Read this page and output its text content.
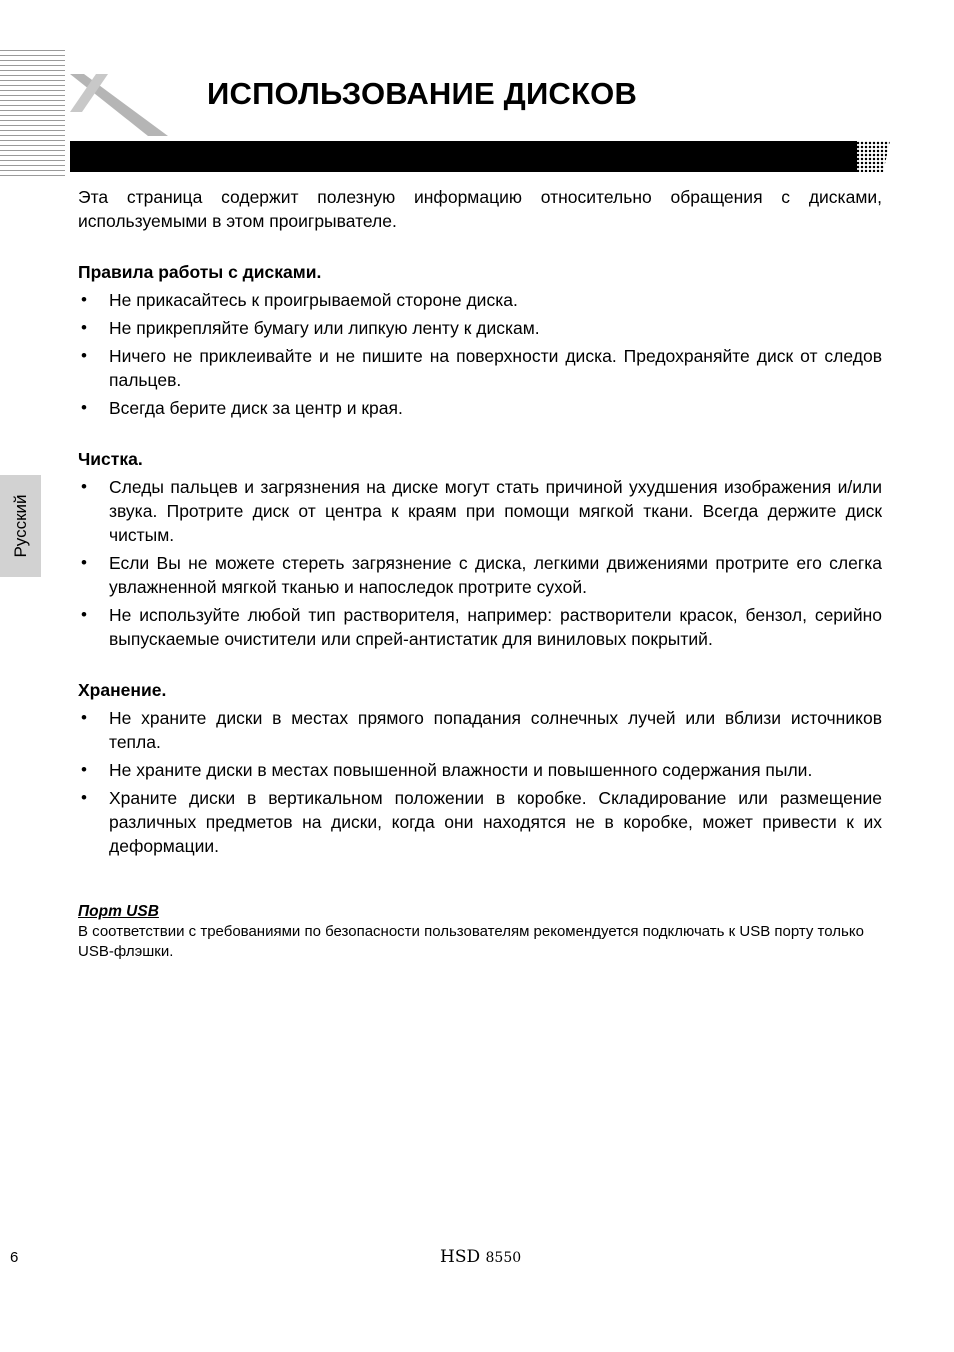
ИСПОЛЬЗОВАНИЕ ДИСКОВ
Русский

Эта страница содержит полезную информацию относительно обращения с дисками, используемыми в этом проигрывателе.

Правила работы с дисками.

• Не прикасайтесь к проигрываемой стороне диска.
• Не прикрепляйте бумагу или липкую ленту к дискам.
• Ничего не приклеивайте и не пишите на поверхности диска. Предохраняйте диск от следов пальцев.
• Всегда берите диск за центр и края.

Чистка.

• Следы пальцев и загрязнения на диске могут стать причиной ухудшения изображения и/или звука. Протрите диск от центра к краям при помощи мягкой ткани. Всегда держите диск чистым.
• Если Вы не можете стереть загрязнение с диска, легкими движениями протрите его слегка увлажненной мягкой тканью и напоследок протрите сухой.
• Не используйте любой тип растворителя, например: растворители красок, бензол, серийно выпускаемые очистители или спрей-антистатик для виниловых покрытий.

Хранение.

• Не храните диски в местах прямого попадания солнечных лучей или вблизи источников тепла.
• Не храните диски в местах повышенной влажности и повышенного содержания пыли.
• Храните диски в вертикальном положении в коробке. Складирование или размещение различных предметов на диски, когда они находятся не в коробке, может привести к их деформации.

Порт USB

В соответствии с требованиями по безопасности пользователям рекомендуется подключать к USB порту только USB-флэшки.

6	HSD 8550
